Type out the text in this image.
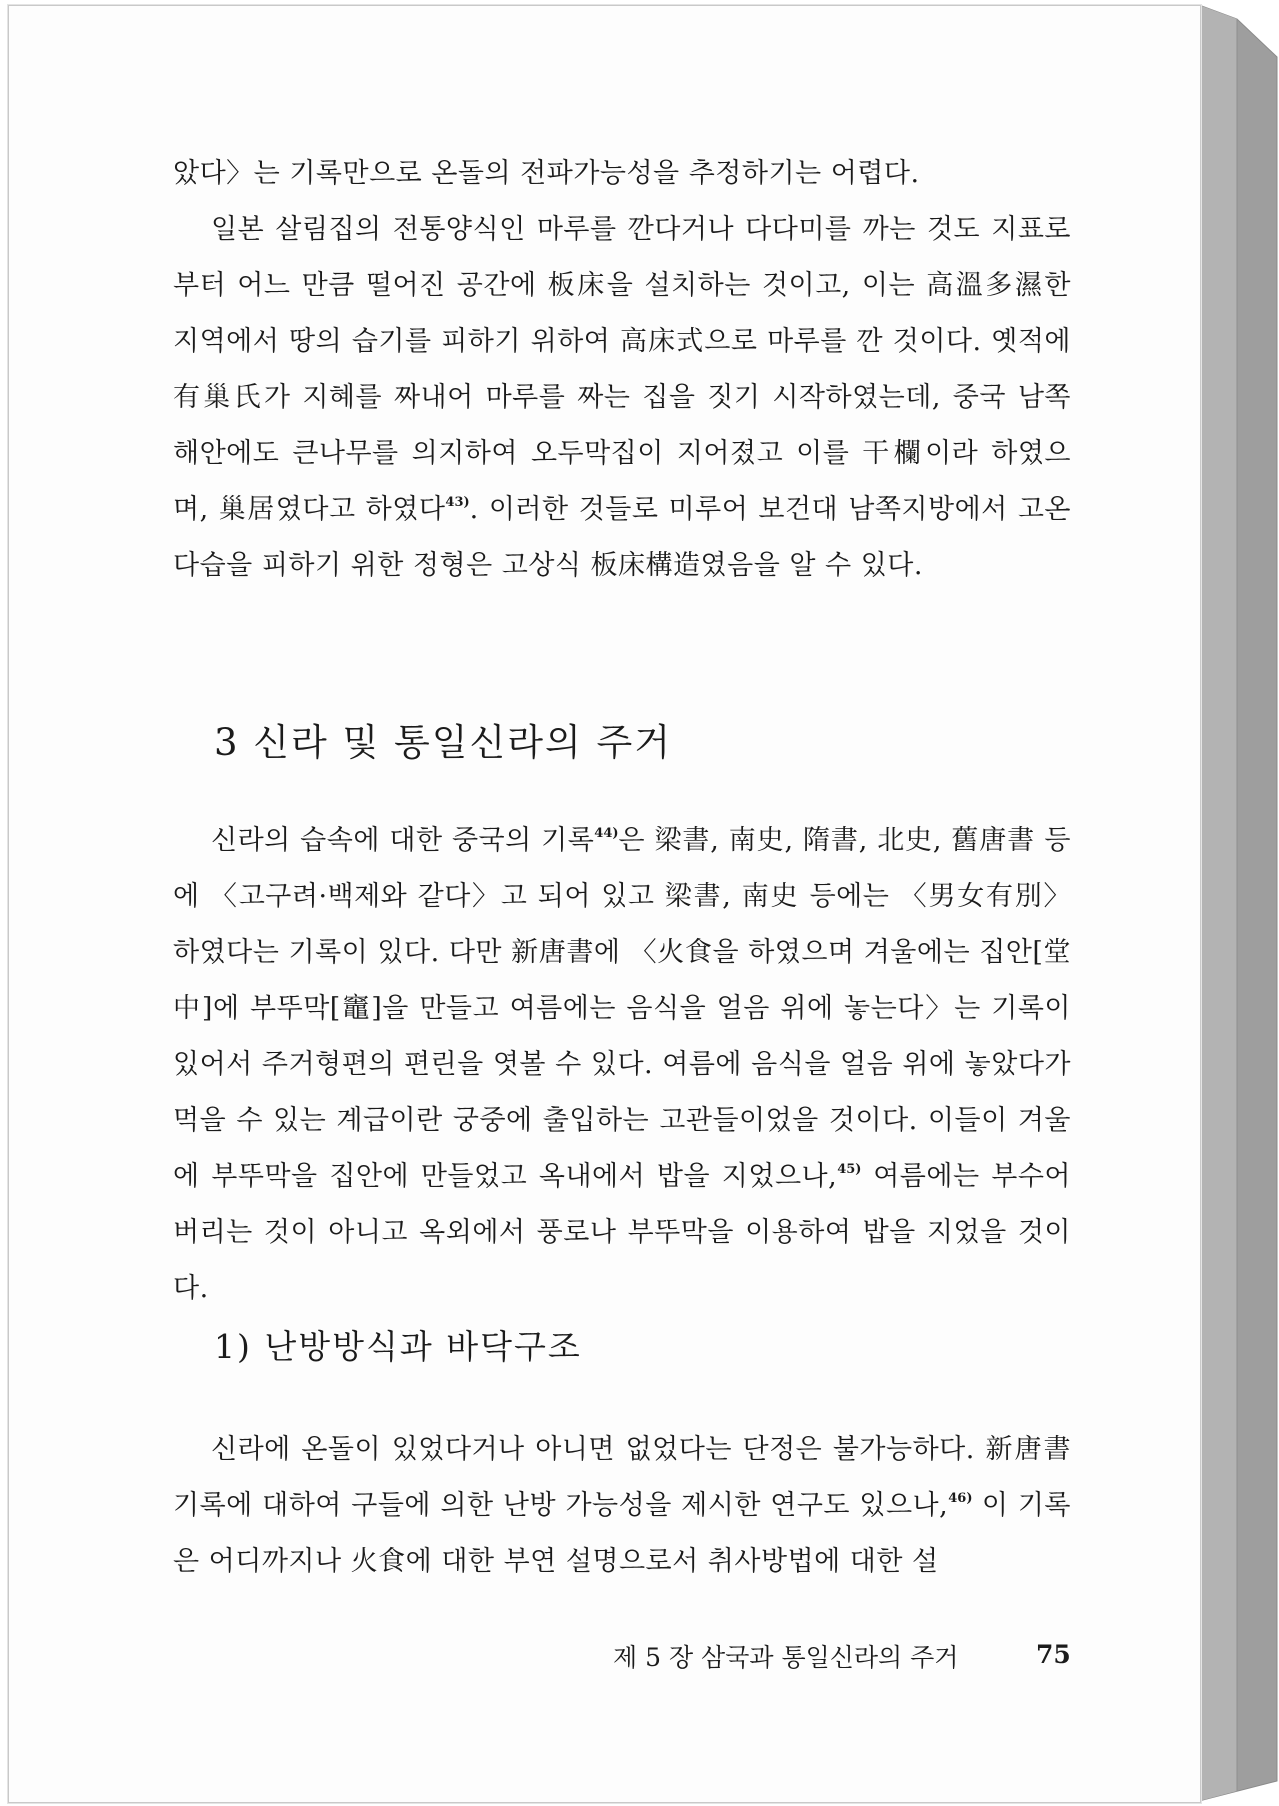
았다〉는 기록만으로 온돌의 전파가능성을 추정하기는 어렵다.

일본 살림집의 전통양식인 마루를 깐다거나 다다미를 까는 것도 지표로부터 어느 만큼 떨어진 공간에 板床을 설치하는 것이고, 이는 高溫多濕한 지역에서 땅의 습기를 피하기 위하여 高床式으로 마루를 깐 것이다. 옛적에 有巢氏가 지혜를 짜내어 마루를 짜는 집을 짓기 시작하였는데, 중국 남쪽 해안에도 큰나무를 의지하여 오두막집이 지어졌고 이를 干欄이라 하였으며, 巢居였다고 하였다$^{43)}$. 이러한 것들로 미루어 보건대 남쪽지방에서 고온다습을 피하기 위한 정형은 고상식 板床構造였음을 알 수 있다.

3 신라 및 통일신라의 주거

신라의 습속에 대한 중국의 기록$^{44)}$은 梁書, 南史, 隋書, 北史, 舊唐書 등에 〈고구려·백제와 같다〉고 되어 있고 梁書, 南史 등에는 〈男女有別〉하였다는 기록이 있다. 다만 新唐書에 〈火食을 하였으며 겨울에는 집안[堂中]에 부뚜막[竈]을 만들고 여름에는 음식을 얼음 위에 놓는다〉는 기록이 있어서 주거형편의 편린을 엿볼 수 있다. 여름에 음식을 얼음 위에 놓았다가 먹을 수 있는 계급이란 궁중에 출입하는 고관들이었을 것이다. 이들이 겨울에 부뚜막을 집안에 만들었고 옥내에서 밥을 지었으나,$^{45)}$ 여름에는 부수어 버리는 것이 아니고 옥외에서 풍로나 부뚜막을 이용하여 밥을 지었을 것이다.

1) 난방방식과 바닥구조

신라에 온돌이 있었다거나 아니면 없었다는 단정은 불가능하다. 新唐書 기록에 대하여 구들에 의한 난방 가능성을 제시한 연구도 있으나,$^{46)}$ 이 기록은 어디까지나 火食에 대한 부연 설명으로서 취사방법에 대한 설

제 5 장 삼국과 통일신라의 주거	75
